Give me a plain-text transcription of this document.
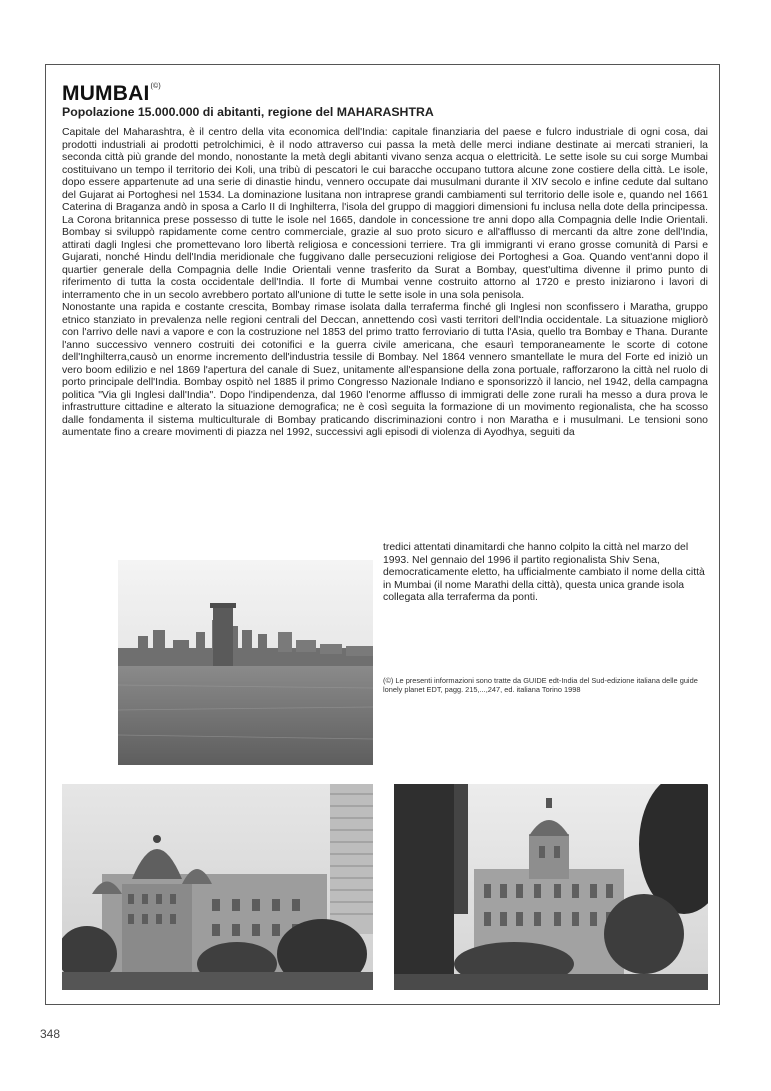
MUMBAI(©)
Popolazione 15.000.000 di abitanti, regione del MAHARASHTRA

Capitale del Maharashtra, è il centro della vita economica dell'India: capitale finanziaria del paese e fulcro industriale di ogni cosa, dai prodotti industriali ai prodotti petrolchimici, è il nodo attraverso cui passa la metà delle merci indiane destinate ai mercati stranieri, la seconda città più grande del mondo, nonostante la metà degli abitanti vivano senza acqua o elettricità. Le sette isole su cui sorge Mumbai costituivano un tempo il territorio dei Koli, una tribù di pescatori le cui baracche occupano tuttora alcune zone costiere della città. Le isole, dopo essere appartenute ad una serie di dinastie hindu, vennero occupate dai musulmani durante il XIV secolo e infine cedute dal sultano del Gujarat ai Portoghesi nel 1534. La dominazione lusitana non intraprese grandi cambiamenti sul territorio delle isole e, quando nel 1661 Caterina di Braganza andò in sposa a Carlo II di Inghilterra, l'isola del gruppo di maggiori dimensioni fu inclusa nella dote della principessa. La Corona britannica prese possesso di tutte le isole nel 1665, dandole in concessione tre anni dopo alla Compagnia delle Indie Orientali. Bombay si sviluppò rapidamente come centro commerciale, grazie al suo proto sicuro e all'afflusso di mercanti da altre zone dell'India, attirati dagli Inglesi che promettevano loro libertà religiosa e concessioni terriere. Tra gli immigranti vi erano grosse comunità di Parsi e Gujarati, nonché Hindu dell'India meridionale che fuggivano dalle persecuzioni religiose dei Portoghesi a Goa. Quando vent'anni dopo il quartier generale della Compagnia delle Indie Orientali venne trasferito da Surat a Bombay, quest'ultima divenne il primo punto di riferimento di tutta la costa occidentale dell'India. Il forte di Mumbai venne costruito attorno al 1720 e presto iniziarono i lavori di interramento che in un secolo avrebbero portato all'unione di tutte le sette isole in una sola penisola.

Nonostante una rapida e costante crescita, Bombay rimase isolata dalla terraferma finché gli Inglesi non sconfissero i Maratha, gruppo etnico stanziato in prevalenza nelle regioni centrali del Deccan, annettendo così vasti territori dell'India occidentale. La situazione migliorò con l'arrivo delle navi a vapore e con la costruzione nel 1853 del primo tratto ferroviario di tutta l'Asia, quello tra Bombay e Thana. Durante l'anno successivo vennero costruiti dei cotonifici e la guerra civile americana, che esaurì temporaneamente le scorte di cotone dell'Inghilterra,causò un enorme incremento dell'industria tessile di Bombay. Nel 1864 vennero smantellate le mura del Forte ed iniziò un vero boom edilizio e nel 1869 l'apertura del canale di Suez, unitamente all'espansione della zona portuale, rafforzarono la città nel ruolo di porto principale dell'India. Bombay ospitò nel 1885 il primo Congresso Nazionale Indiano e sponsorizzò il lancio, nel 1942, della campagna politica "Via gli Inglesi dall'India". Dopo l'indipendenza, dal 1960 l'enorme afflusso di immigrati delle zone rurali ha messo a dura prova le infrastrutture cittadine e alterato la situazione demografica; ne è così seguita la formazione di un movimento regionalista, che ha scosso dalle fondamenta il sistema multiculturale di Bombay praticando discriminazioni contro i non Maratha e i musulmani. Le tensioni sono aumentate fino a creare movimenti di piazza nel 1992, successivi agli episodi di violenza di Ayodhya, seguiti da

tredici attentati dinamitardi che hanno colpito la città nel marzo del 1993. Nel gennaio del 1996 il partito regionalista Shiv Sena, democraticamente eletto, ha ufficialmente cambiato il nome della città in Mumbai (il nome Marathi della città), questa unica grande isola collegata alla terraferma da ponti.
(©) Le presenti informazioni sono tratte da GUIDE edt-India del Sud-edizione italiana delle guide lonely planet EDT, pagg. 215,...,247, ed. italiana Torino 1998
348
